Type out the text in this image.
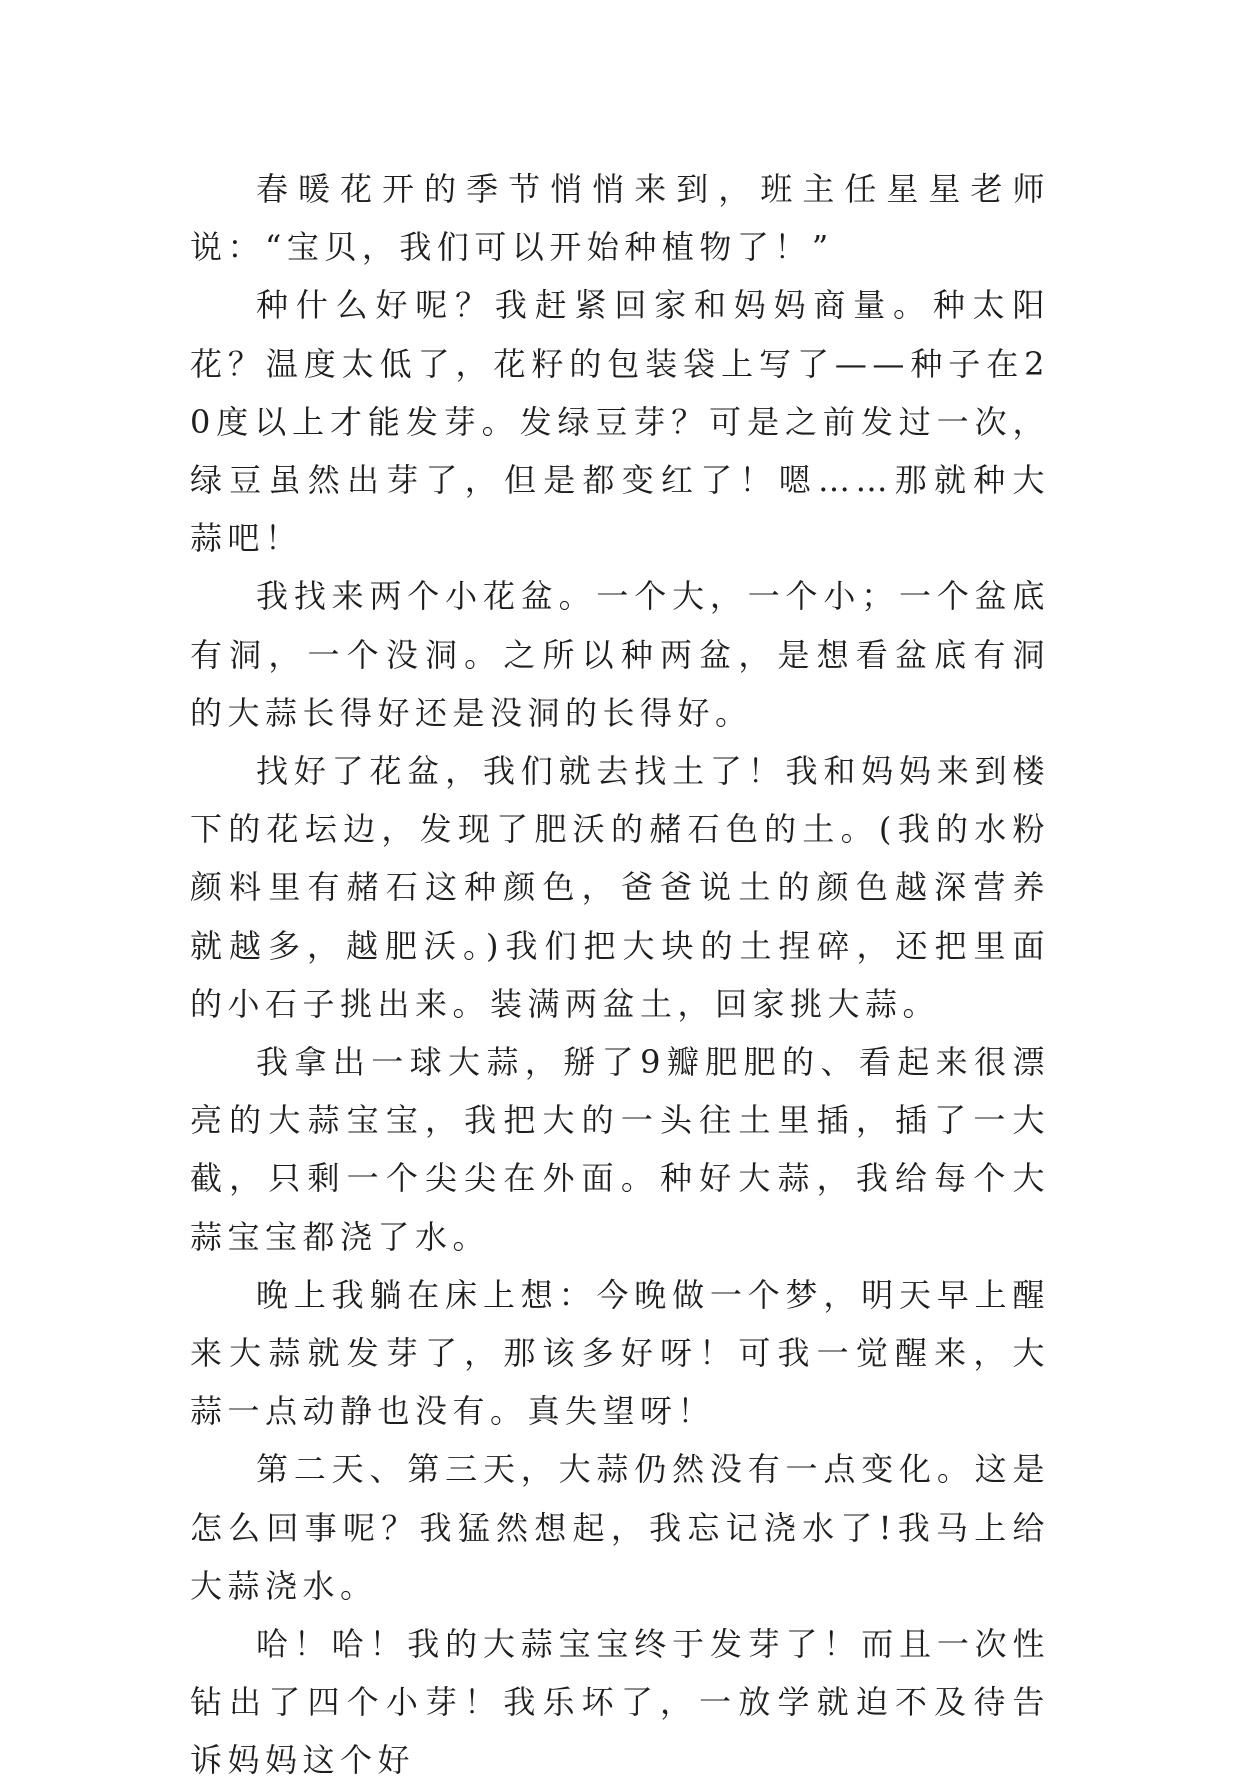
春暖花开的季节悄悄来到，班主任星星老师说：“宝贝，我们可以开始种植物了！”

种什么好呢？我赶紧回家和妈妈商量。种太阳花？温度太低了，花籽的包装袋上写了——种子在20度以上才能发芽。发绿豆芽？可是之前发过一次，绿豆虽然出芽了，但是都变红了！嗯……那就种大蒜吧！

我找来两个小花盆。一个大，一个小；一个盆底有洞，一个没洞。之所以种两盆，是想看盆底有洞的大蒜长得好还是没洞的长得好。

找好了花盆，我们就去找土了！我和妈妈来到楼下的花坛边，发现了肥沃的赭石色的土。(我的水粉颜料里有赭石这种颜色，爸爸说土的颜色越深营养就越多，越肥沃。)我们把大块的土捏碎，还把里面的小石子挑出来。装满两盆土，回家挑大蒜。

我拿出一球大蒜，掰了9瓣肥肥的、看起来很漂亮的大蒜宝宝，我把大的一头往土里插，插了一大截，只剩一个尖尖在外面。种好大蒜，我给每个大蒜宝宝都浇了水。

晚上我躺在床上想：今晚做一个梦，明天早上醒来大蒜就发芽了，那该多好呀！可我一觉醒来，大蒜一点动静也没有。真失望呀！

第二天、第三天，大蒜仍然没有一点变化。这是怎么回事呢？我猛然想起，我忘记浇水了!我马上给大蒜浇水。

哈！哈！我的大蒜宝宝终于发芽了！而且一次性钻出了四个小芽！我乐坏了，一放学就迫不及待告诉妈妈这个好
